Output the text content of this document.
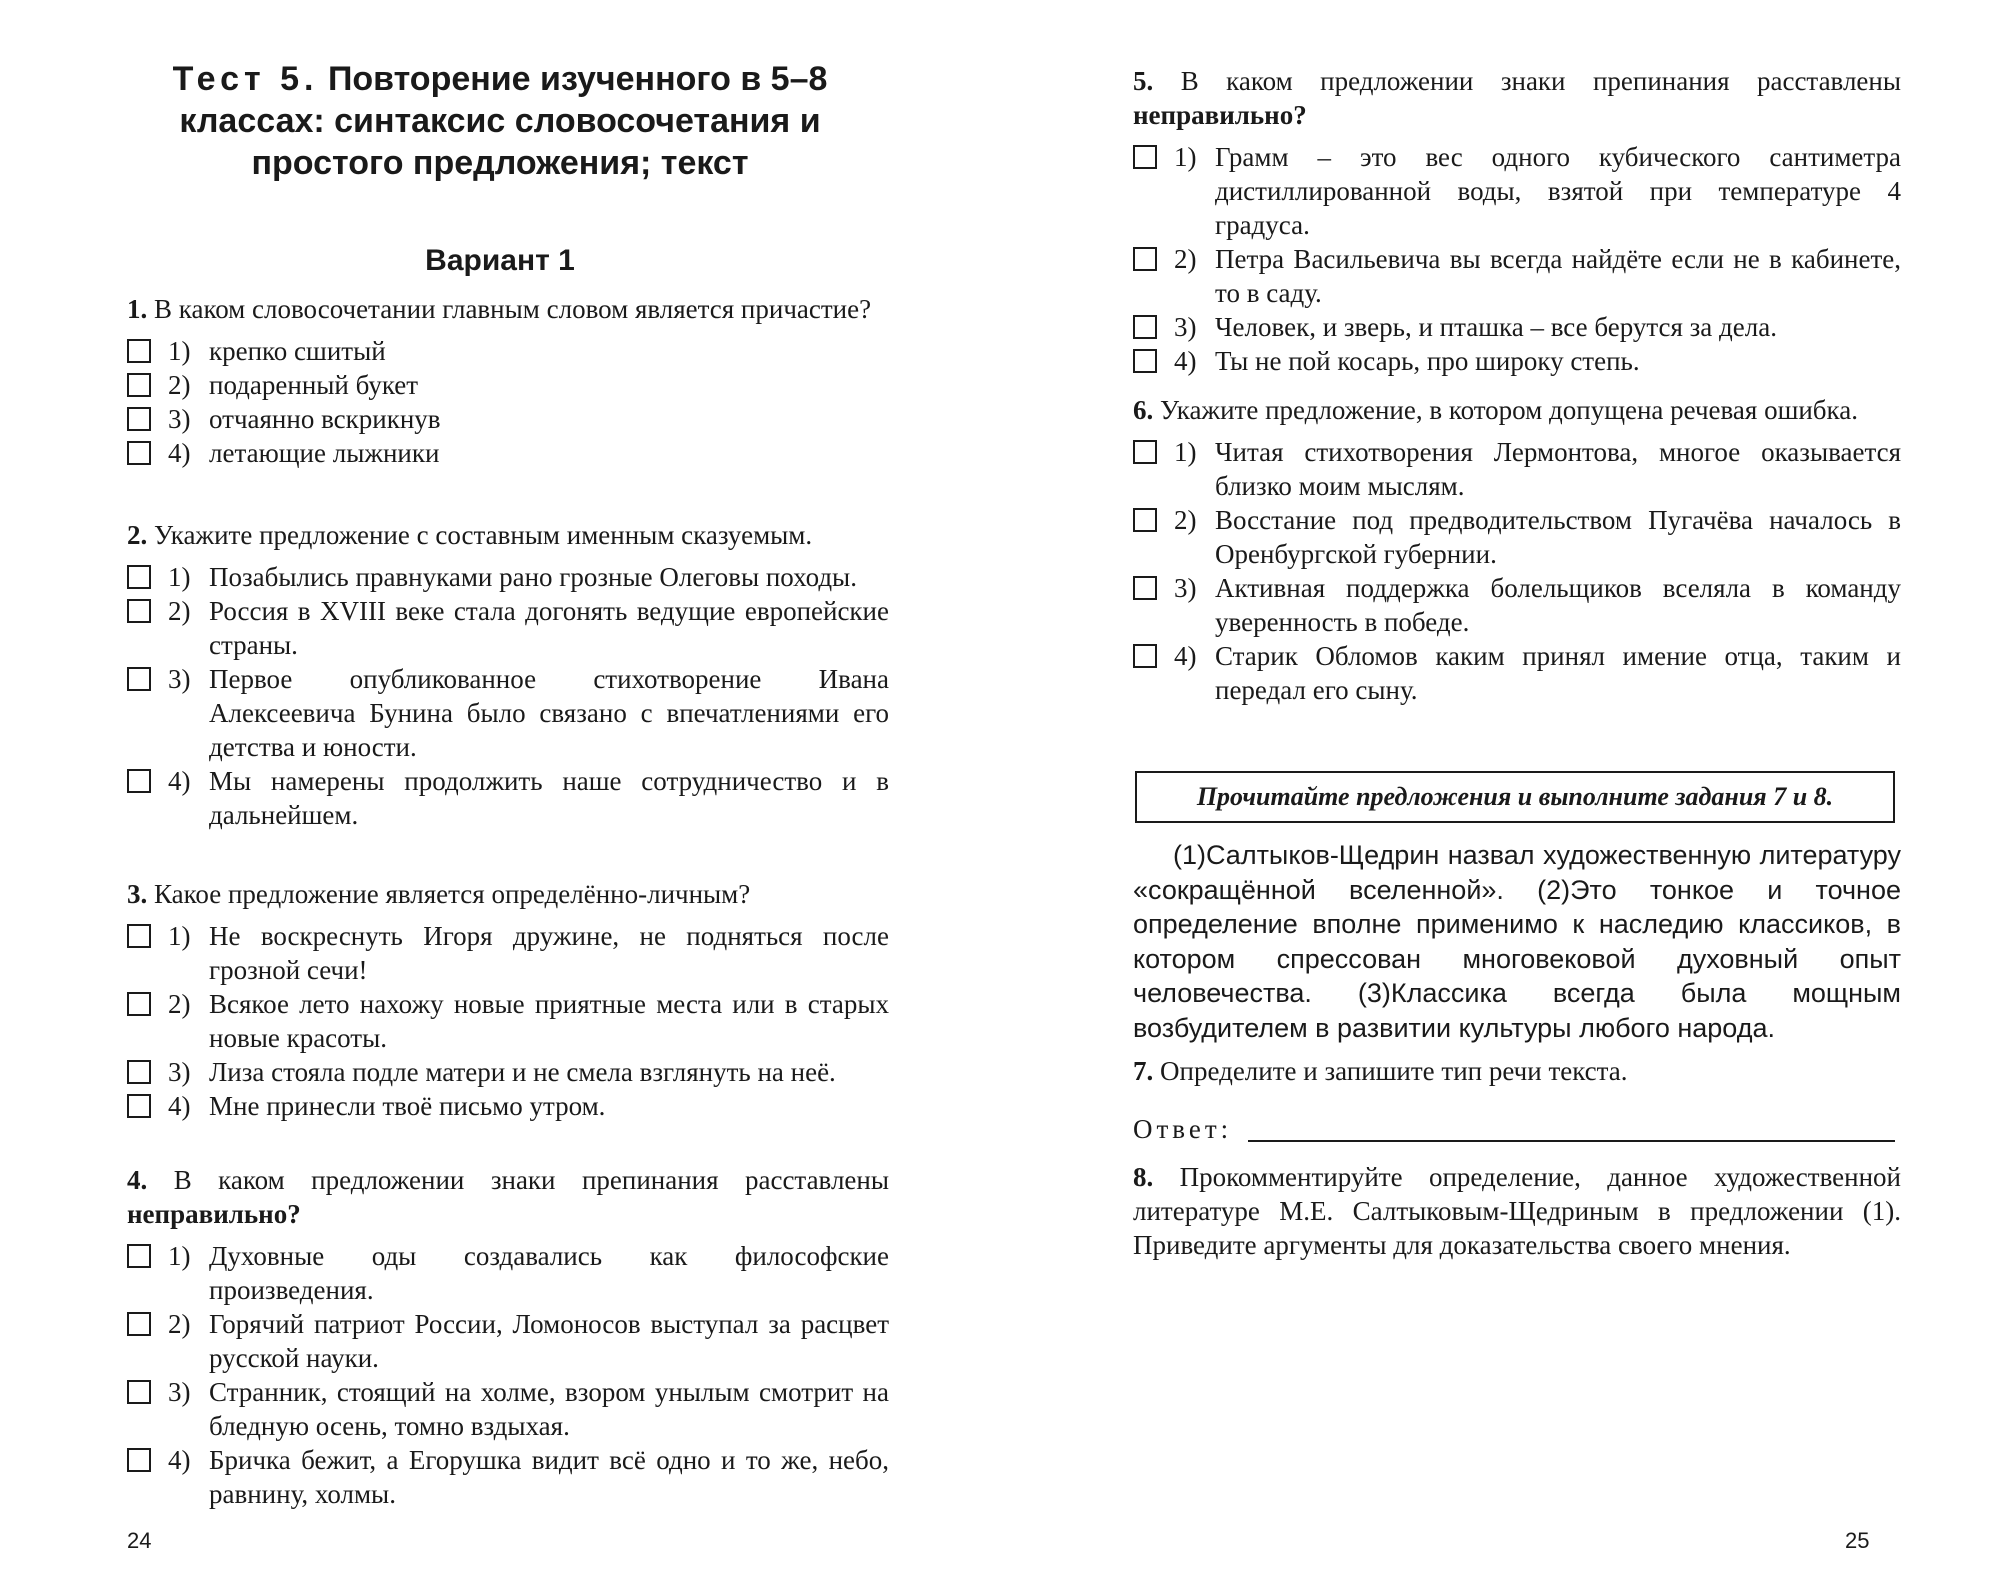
Тест 5. Повторение изученного в 5–8 классах: синтаксис словосочетания и простого предложения; текст
Вариант 1

1. В каком словосочетании главным словом является причастие?

1) крепко сшитый
2) подаренный букет
3) отчаянно вскрикнув
4) летающие лыжники

2. Укажите предложение с составным именным сказуемым.

1) Позабылись правнуками рано грозные Олеговы походы.
2) Россия в XVIII веке стала догонять ведущие европейские страны.
3) Первое опубликованное стихотворение Ивана Алексеевича Бунина было связано с впечатлениями его детства и юности.
4) Мы намерены продолжить наше сотрудничество и в дальнейшем.

3. Какое предложение является определённо-личным?

1) Не воскреснуть Игоря дружине, не подняться после грозной сечи!
2) Всякое лето нахожу новые приятные места или в старых новые красоты.
3) Лиза стояла подле матери и не смела взглянуть на неё.
4) Мне принесли твоё письмо утром.

4. В каком предложении знаки препинания расставлены неправильно?

1) Духовные оды создавались как философские произведения.
2) Горячий патриот России, Ломоносов выступал за расцвет русской науки.
3) Странник, стоящий на холме, взором унылым смотрит на бледную осень, томно вздыхая.
4) Бричка бежит, а Егорушка видит всё одно и то же, небо, равнину, холмы.
24

5. В каком предложении знаки препинания расставлены неправильно?

1) Грамм – это вес одного кубического сантиметра дистиллированной воды, взятой при температуре 4 градуса.
2) Петра Васильевича вы всегда найдёте если не в кабинете, то в саду.
3) Человек, и зверь, и пташка – все берутся за дела.
4) Ты не пой косарь, про широку степь.

6. Укажите предложение, в котором допущена речевая ошибка.

1) Читая стихотворения Лермонтова, многое оказывается близко моим мыслям.
2) Восстание под предводительством Пугачёва началось в Оренбургской губернии.
3) Активная поддержка болельщиков вселяла в команду уверенность в победе.
4) Старик Обломов каким принял имение отца, таким и передал его сыну.
Прочитайте предложения и выполните задания 7 и 8.

(1)Салтыков-Щедрин назвал художественную литературу «сокращённой вселенной». (2)Это тонкое и точное определение вполне применимо к наследию классиков, в котором спрессован многовековой духовный опыт человечества. (3)Классика всегда была мощным возбудителем в развитии культуры любого народа.

7. Определите и запишите тип речи текста.

Ответ:

8. Прокомментируйте определение, данное художественной литературе М.Е. Салтыковым-Щедриным в предложении (1). Приведите аргументы для доказательства своего мнения.

25
